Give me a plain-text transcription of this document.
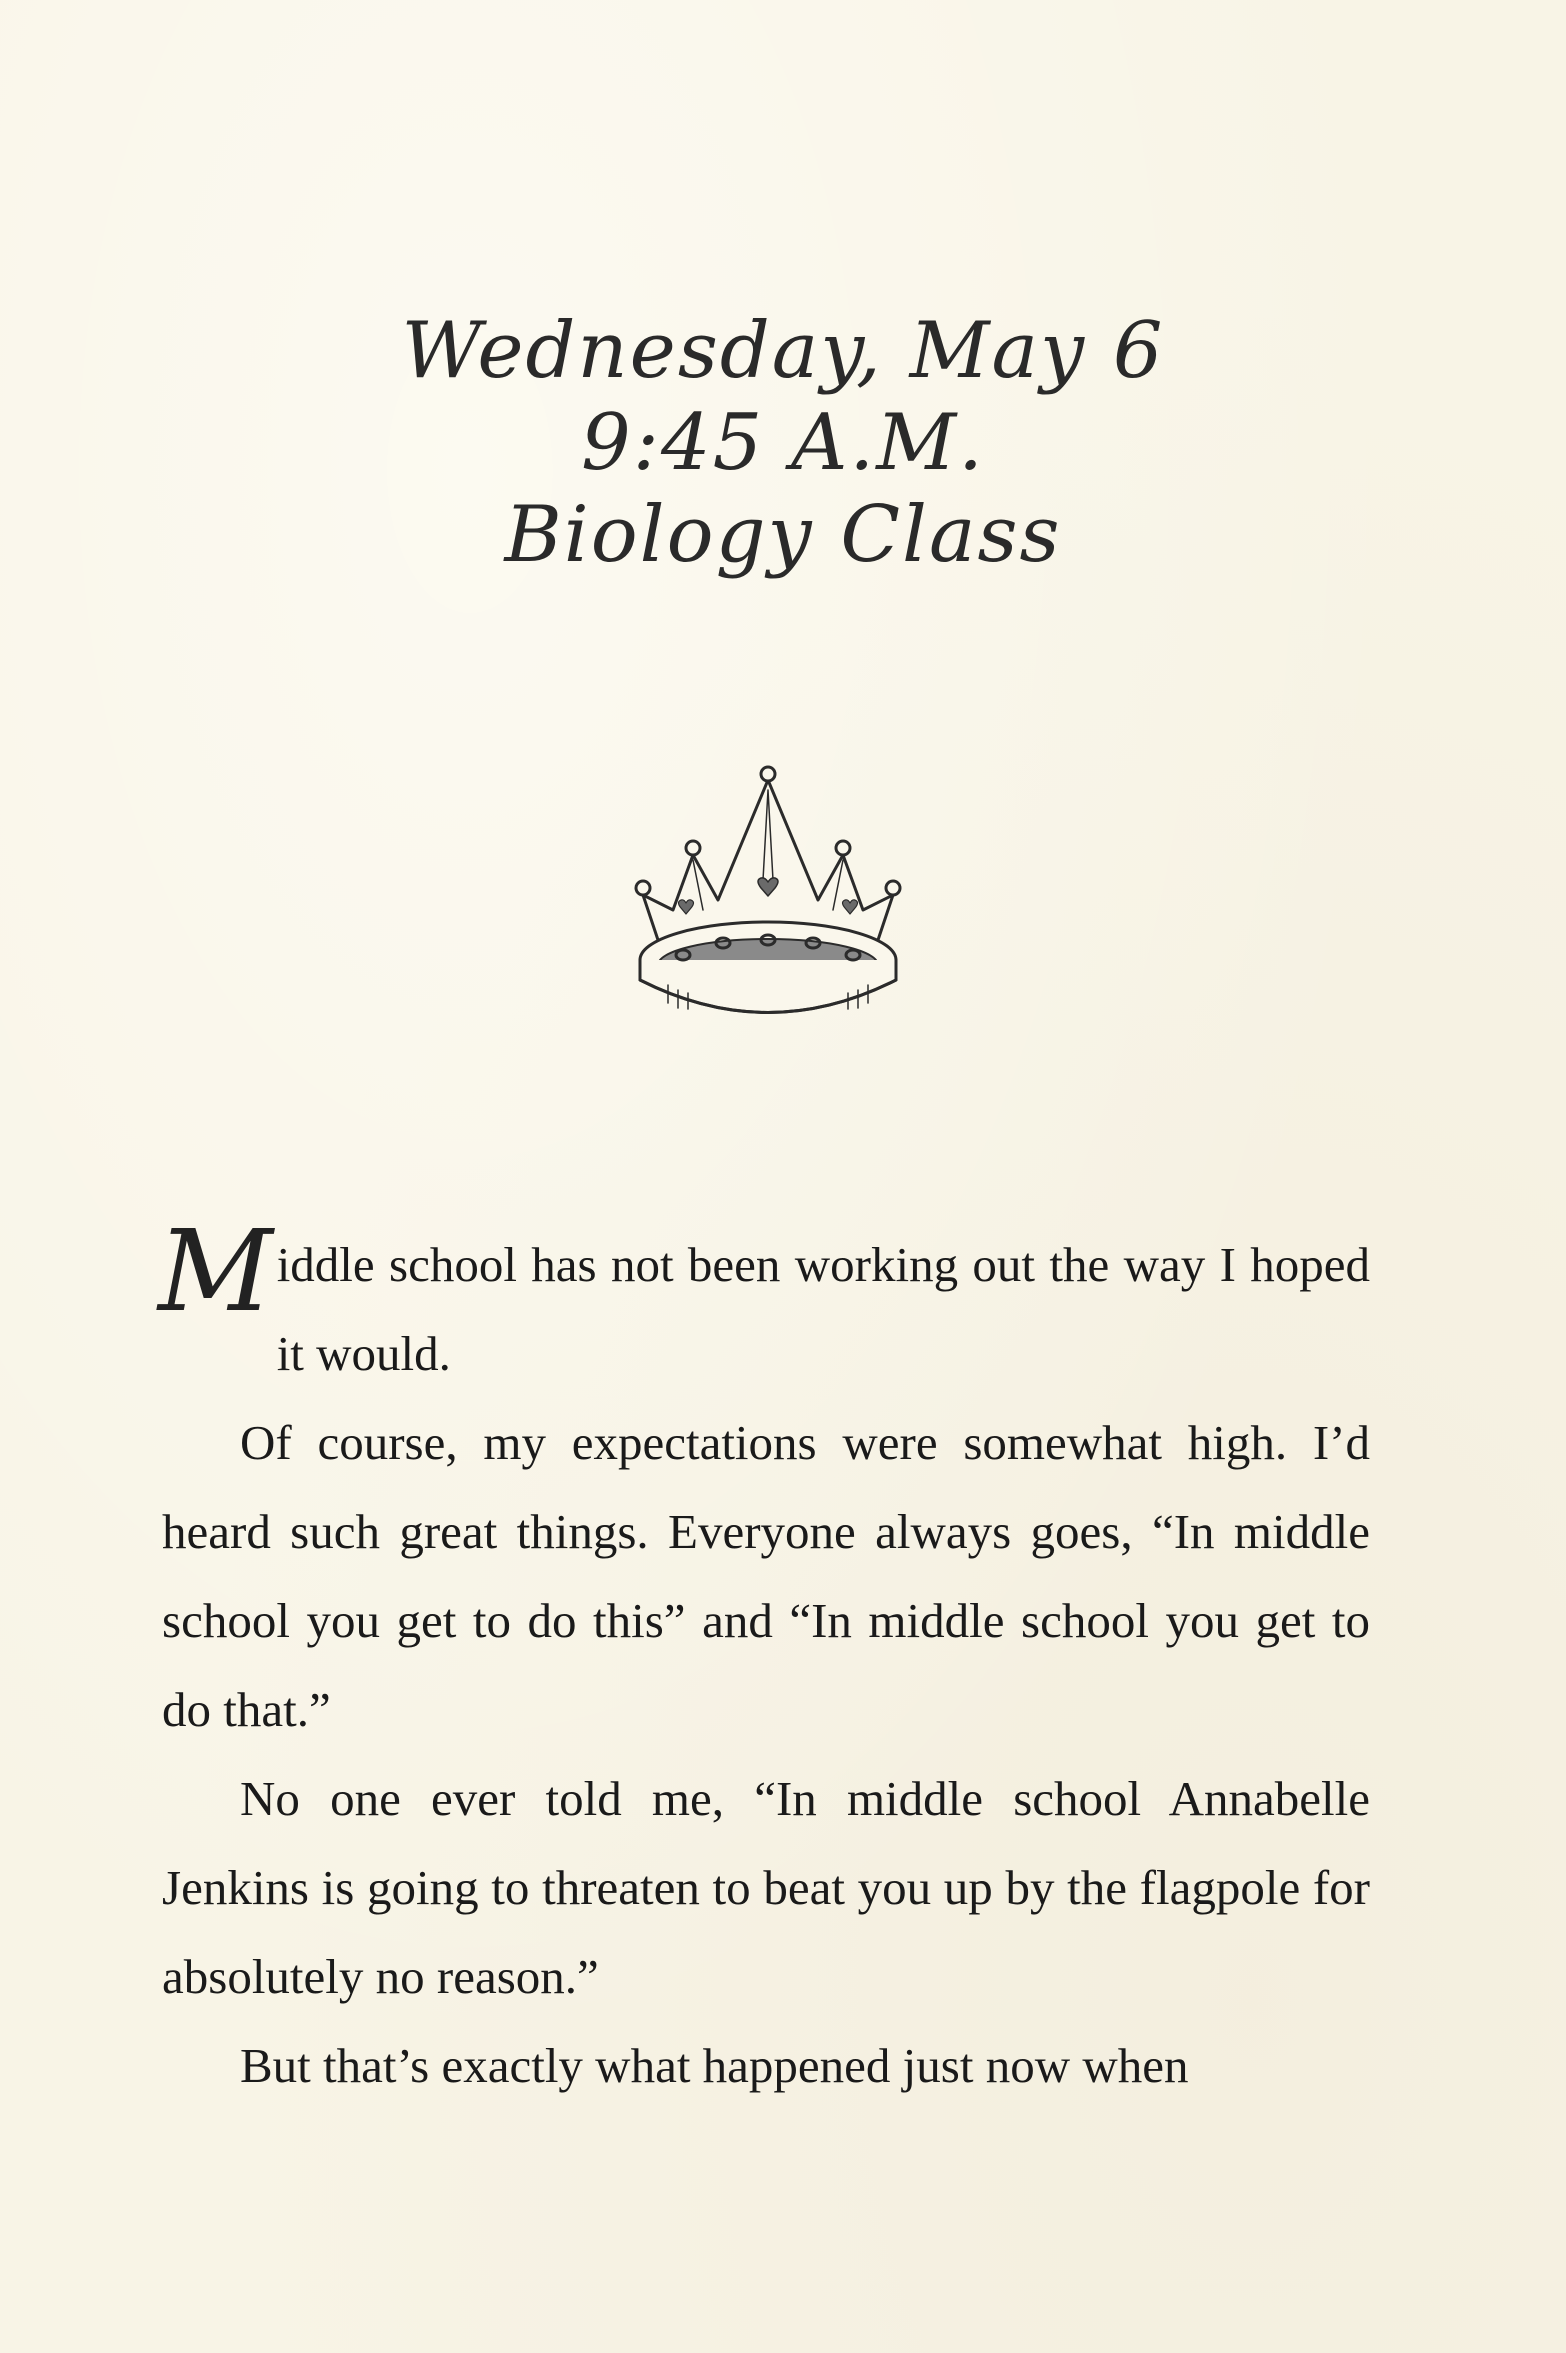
Wednesday, May 6
9:45 A.M.
Biology Class

Middle school has not been working out the way I hoped it would.

Of course, my expectations were somewhat high. I’d heard such great things. Everyone always goes, “In middle school you get to do this” and “In middle school you get to do that.”

No one ever told me, “In middle school Annabelle Jenkins is going to threaten to beat you up by the flagpole for absolutely no reason.”

But that’s exactly what happened just now when
